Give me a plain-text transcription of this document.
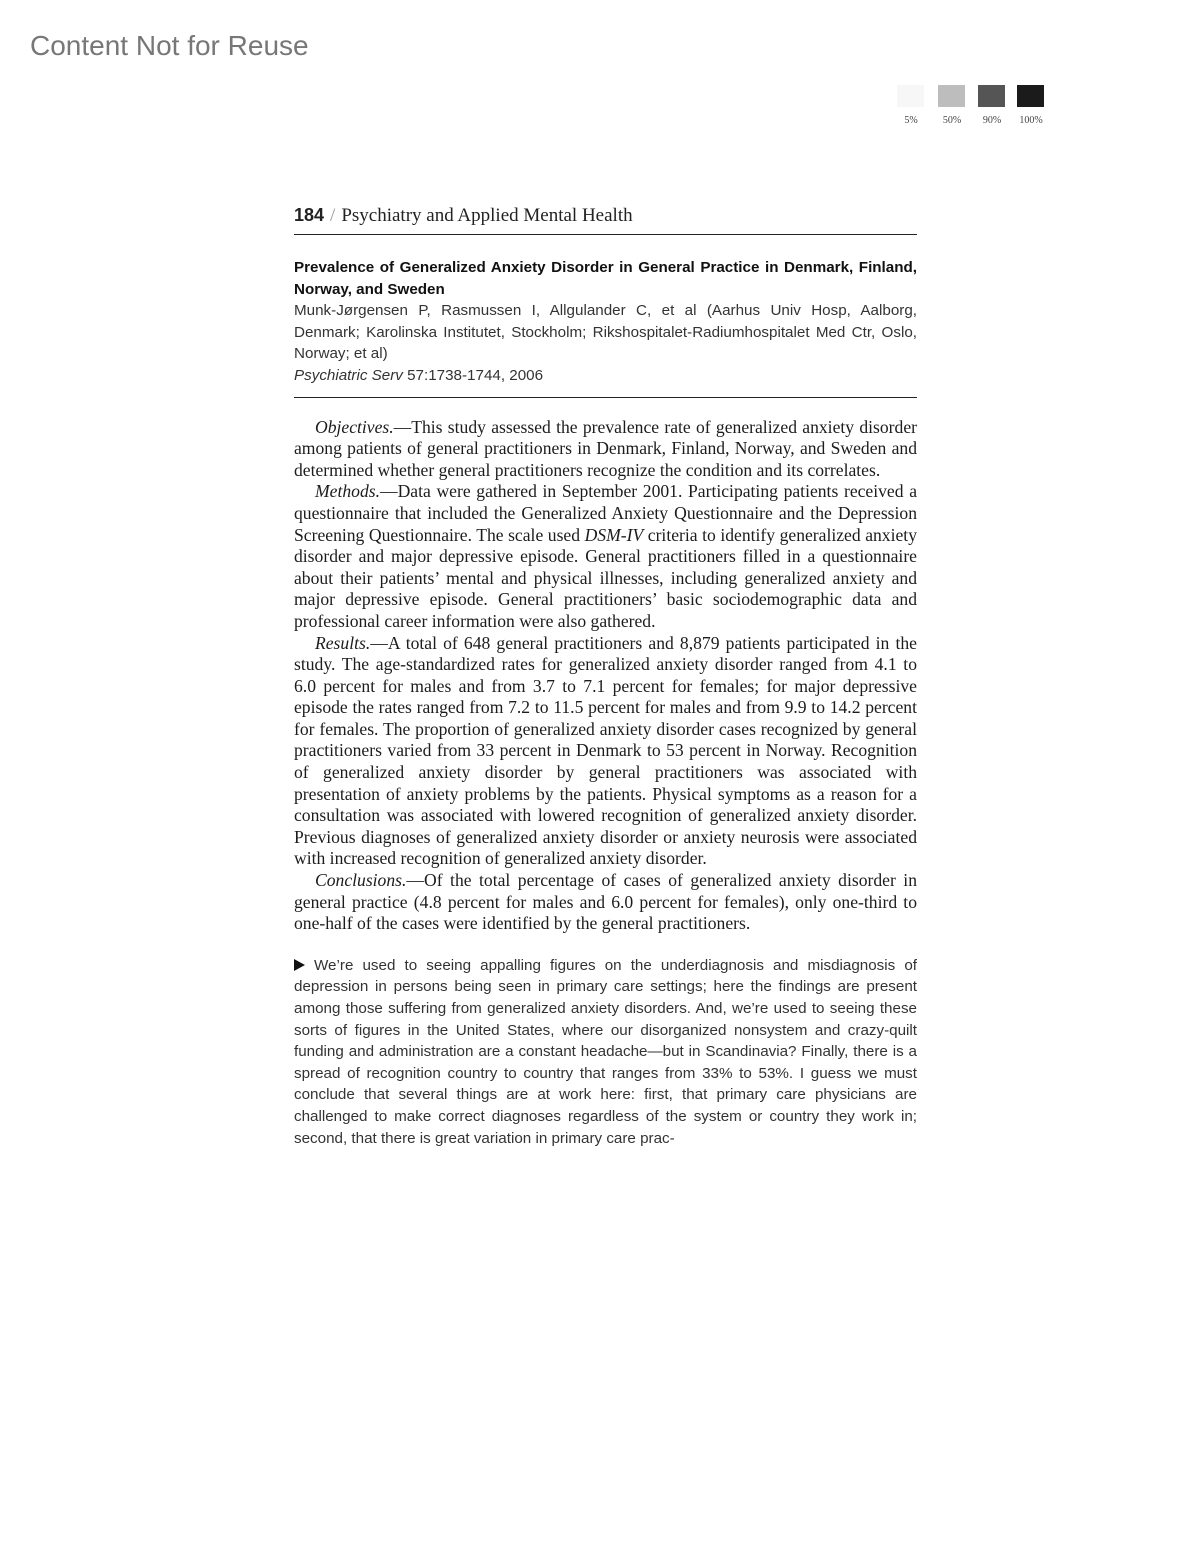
Content Not for Reuse
5%	50%	90%	100%
184 / Psychiatry and Applied Mental Health
Prevalence of Generalized Anxiety Disorder in General Practice in Denmark, Finland, Norway, and Sweden
Munk-Jørgensen P, Rasmussen I, Allgulander C, et al (Aarhus Univ Hosp, Aalborg, Denmark; Karolinska Institutet, Stockholm; Rikshospitalet-Radiumhospitalet Med Ctr, Oslo, Norway; et al)
Psychiatric Serv 57:1738-1744, 2006

Objectives.—This study assessed the prevalence rate of generalized anxiety disorder among patients of general practitioners in Denmark, Finland, Norway, and Sweden and determined whether general practitioners recognize the condition and its correlates.

Methods.—Data were gathered in September 2001. Participating patients received a questionnaire that included the Generalized Anxiety Questionnaire and the Depression Screening Questionnaire. The scale used DSM-IV criteria to identify generalized anxiety disorder and major depressive episode. General practitioners filled in a questionnaire about their patients’ mental and physical illnesses, including generalized anxiety and major depressive episode. General practitioners’ basic sociodemographic data and professional career information were also gathered.

Results.—A total of 648 general practitioners and 8,879 patients participated in the study. The age-standardized rates for generalized anxiety disorder ranged from 4.1 to 6.0 percent for males and from 3.7 to 7.1 percent for females; for major depressive episode the rates ranged from 7.2 to 11.5 percent for males and from 9.9 to 14.2 percent for females. The proportion of generalized anxiety disorder cases recognized by general practitioners varied from 33 percent in Denmark to 53 percent in Norway. Recognition of generalized anxiety disorder by general practitioners was associated with presentation of anxiety problems by the patients. Physical symptoms as a reason for a consultation was associated with lowered recognition of generalized anxiety disorder. Previous diagnoses of generalized anxiety disorder or anxiety neurosis were associated with increased recognition of generalized anxiety disorder.

Conclusions.—Of the total percentage of cases of generalized anxiety disorder in general practice (4.8 percent for males and 6.0 percent for females), only one-third to one-half of the cases were identified by the general practitioners.

We’re used to seeing appalling figures on the underdiagnosis and misdiagnosis of depression in persons being seen in primary care settings; here the findings are present among those suffering from generalized anxiety disorders. And, we’re used to seeing these sorts of figures in the United States, where our disorganized nonsystem and crazy-quilt funding and administration are a constant headache—but in Scandinavia? Finally, there is a spread of recognition country to country that ranges from 33% to 53%. I guess we must conclude that several things are at work here: first, that primary care physicians are challenged to make correct diagnoses regardless of the system or country they work in; second, that there is great variation in primary care prac-
